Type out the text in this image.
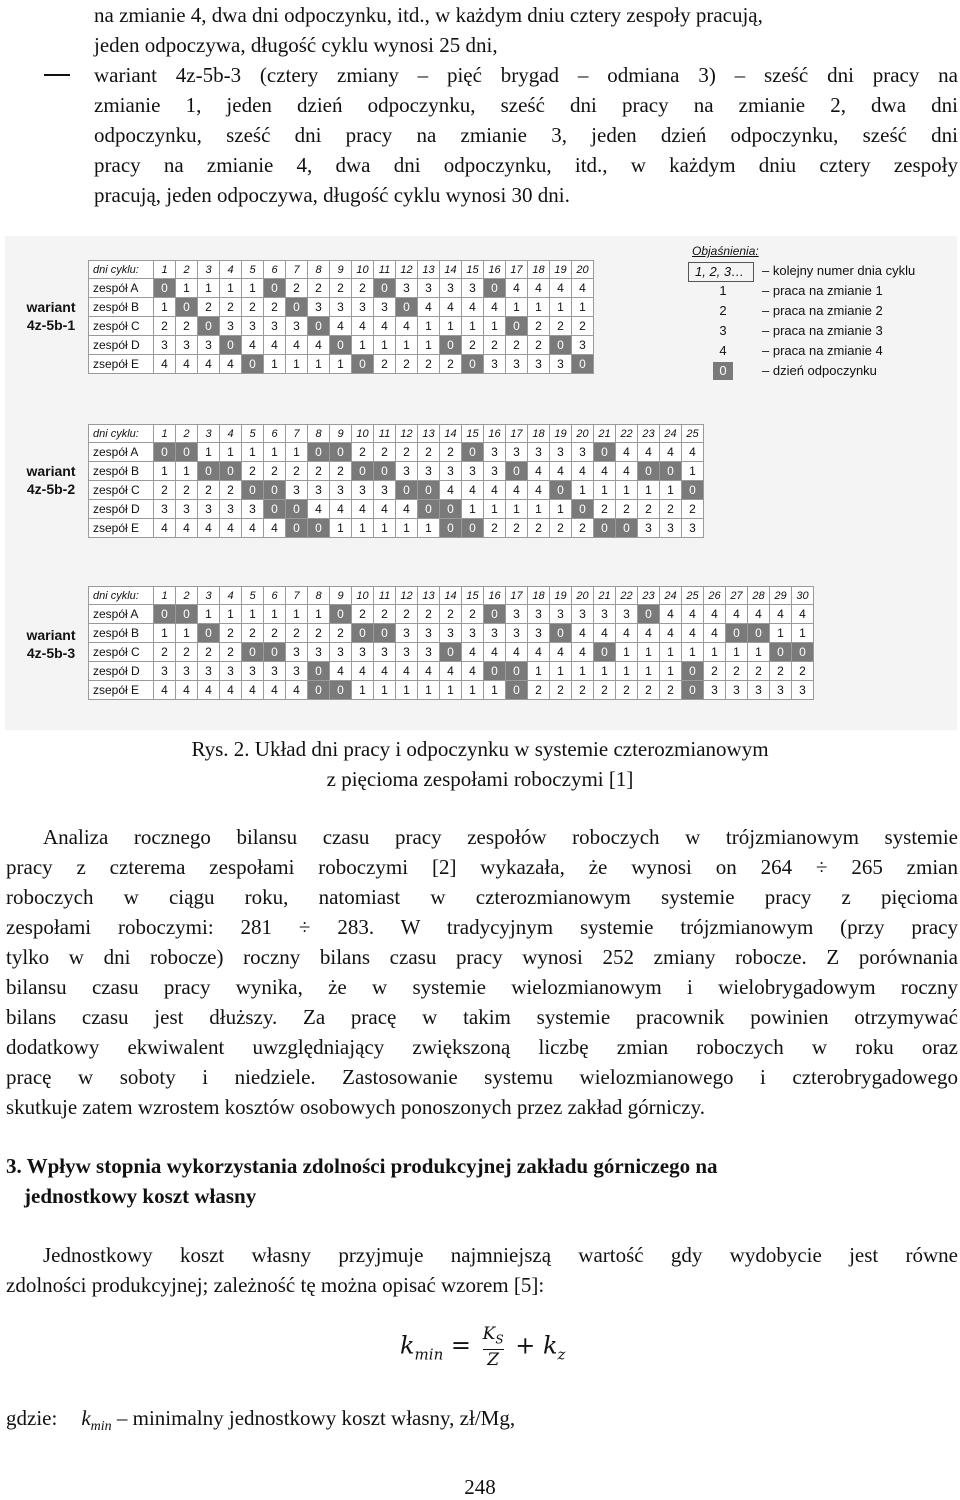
na zmianie 4, dwa dni odpoczynku, itd., w każdym dniu cztery zespoły pracują,
jeden odpoczywa, długość cyklu wynosi 25 dni,
wariant 4z-5b-3 (cztery zmiany – pięć brygad – odmiana 3) – sześć dni pracy na
zmianie 1, jeden dzień odpoczynku, sześć dni pracy na zmianie 2, dwa dni
odpoczynku, sześć dni pracy na zmianie 3, jeden dzień odpoczynku, sześć dni
pracy na zmianie 4, dwa dni odpoczynku, itd., w każdym dniu cztery zespoły
pracują, jeden odpoczywa, długość cyklu wynosi 30 dni.
dni cyklu:	1	2	3	4	5	6	7	8	9	10	11	12	13	14	15	16	17	18	19	20
zespół A	0	1	1	1	1	0	2	2	2	2	0	3	3	3	3	0	4	4	4	4
zespół B	1	0	2	2	2	2	0	3	3	3	3	0	4	4	4	4	1	1	1	1
zespół C	2	2	0	3	3	3	3	0	4	4	4	4	1	1	1	1	0	2	2	2
zespół D	3	3	3	0	4	4	4	4	0	1	1	1	1	0	2	2	2	2	0	3
zsepół E	4	4	4	4	0	1	1	1	1	0	2	2	2	2	0	3	3	3	3	0
wariant
4z-5b-1
dni cyklu:	1	2	3	4	5	6	7	8	9	10	11	12	13	14	15	16	17	18	19	20	21	22	23	24	25
zespół A	0	0	1	1	1	1	1	0	0	2	2	2	2	2	0	3	3	3	3	3	0	4	4	4	4
zespół B	1	1	0	0	2	2	2	2	2	0	0	3	3	3	3	3	0	4	4	4	4	4	0	0	1
zespół C	2	2	2	2	0	0	3	3	3	3	3	0	0	4	4	4	4	4	0	1	1	1	1	1	0
zespół D	3	3	3	3	3	0	0	4	4	4	4	4	0	0	1	1	1	1	1	0	2	2	2	2	2
zsepół E	4	4	4	4	4	4	0	0	1	1	1	1	1	0	0	2	2	2	2	2	0	0	3	3	3
wariant
4z-5b-2
dni cyklu:	1	2	3	4	5	6	7	8	9	10	11	12	13	14	15	16	17	18	19	20	21	22	23	24	25	26	27	28	29	30
zespół A	0	0	1	1	1	1	1	1	0	2	2	2	2	2	2	0	3	3	3	3	3	3	0	4	4	4	4	4	4	4
zespół B	1	1	0	2	2	2	2	2	2	0	0	3	3	3	3	3	3	3	0	4	4	4	4	4	4	4	0	0	1	1
zespół C	2	2	2	2	0	0	3	3	3	3	3	3	3	0	4	4	4	4	4	4	0	1	1	1	1	1	1	1	0	0
zespół D	3	3	3	3	3	3	3	0	4	4	4	4	4	4	4	0	0	1	1	1	1	1	1	1	0	2	2	2	2	2
zsepół E	4	4	4	4	4	4	4	0	0	1	1	1	1	1	1	1	0	2	2	2	2	2	2	2	0	3	3	3	3	3
wariant
4z-5b-3
Objaśnienia:
1, 2, 3…	– kolejny numer dnia cyklu
1	– praca na zmianie 1
2	– praca na zmianie 2
3	– praca na zmianie 3
4	– praca na zmianie 4
0	– dzień odpoczynku
Rys. 2. Układ dni pracy i odpoczynku w systemie czterozmianowym
z pięcioma zespołami roboczymi [1]
Analiza rocznego bilansu czasu pracy zespołów roboczych w trójzmianowym systemie
pracy z czterema zespołami roboczymi [2] wykazała, że wynosi on 264 ÷ 265 zmian
roboczych w ciągu roku, natomiast w czterozmianowym systemie pracy z pięcioma
zespołami roboczymi: 281 ÷ 283. W tradycyjnym systemie trójzmianowym (przy pracy
tylko w dni robocze) roczny bilans czasu pracy wynosi 252 zmiany robocze. Z porównania
bilansu czasu pracy wynika, że w systemie wielozmianowym i wielobrygadowym roczny
bilans czasu jest dłuższy. Za pracę w takim systemie pracownik powinien otrzymywać
dodatkowy ekwiwalent uwzględniający zwiększoną liczbę zmian roboczych w roku oraz
pracę w soboty i niedziele. Zastosowanie systemu wielozmianowego i czterobrygadowego
skutkuje zatem wzrostem kosztów osobowych ponoszonych przez zakład górniczy.
3. Wpływ stopnia wykorzystania zdolności produkcyjnej zakładu górniczego na
jednostkowy koszt własny
Jednostkowy koszt własny przyjmuje najmniejszą wartość gdy wydobycie jest równe
zdolności produkcyjnej; zależność tę można opisać wzorem [5]:
$k_{min} = \frac{K_S}{Z} + k_z$
gdzie: $k_{min}$ – minimalny jednostkowy koszt własny, zł/Mg,
248
